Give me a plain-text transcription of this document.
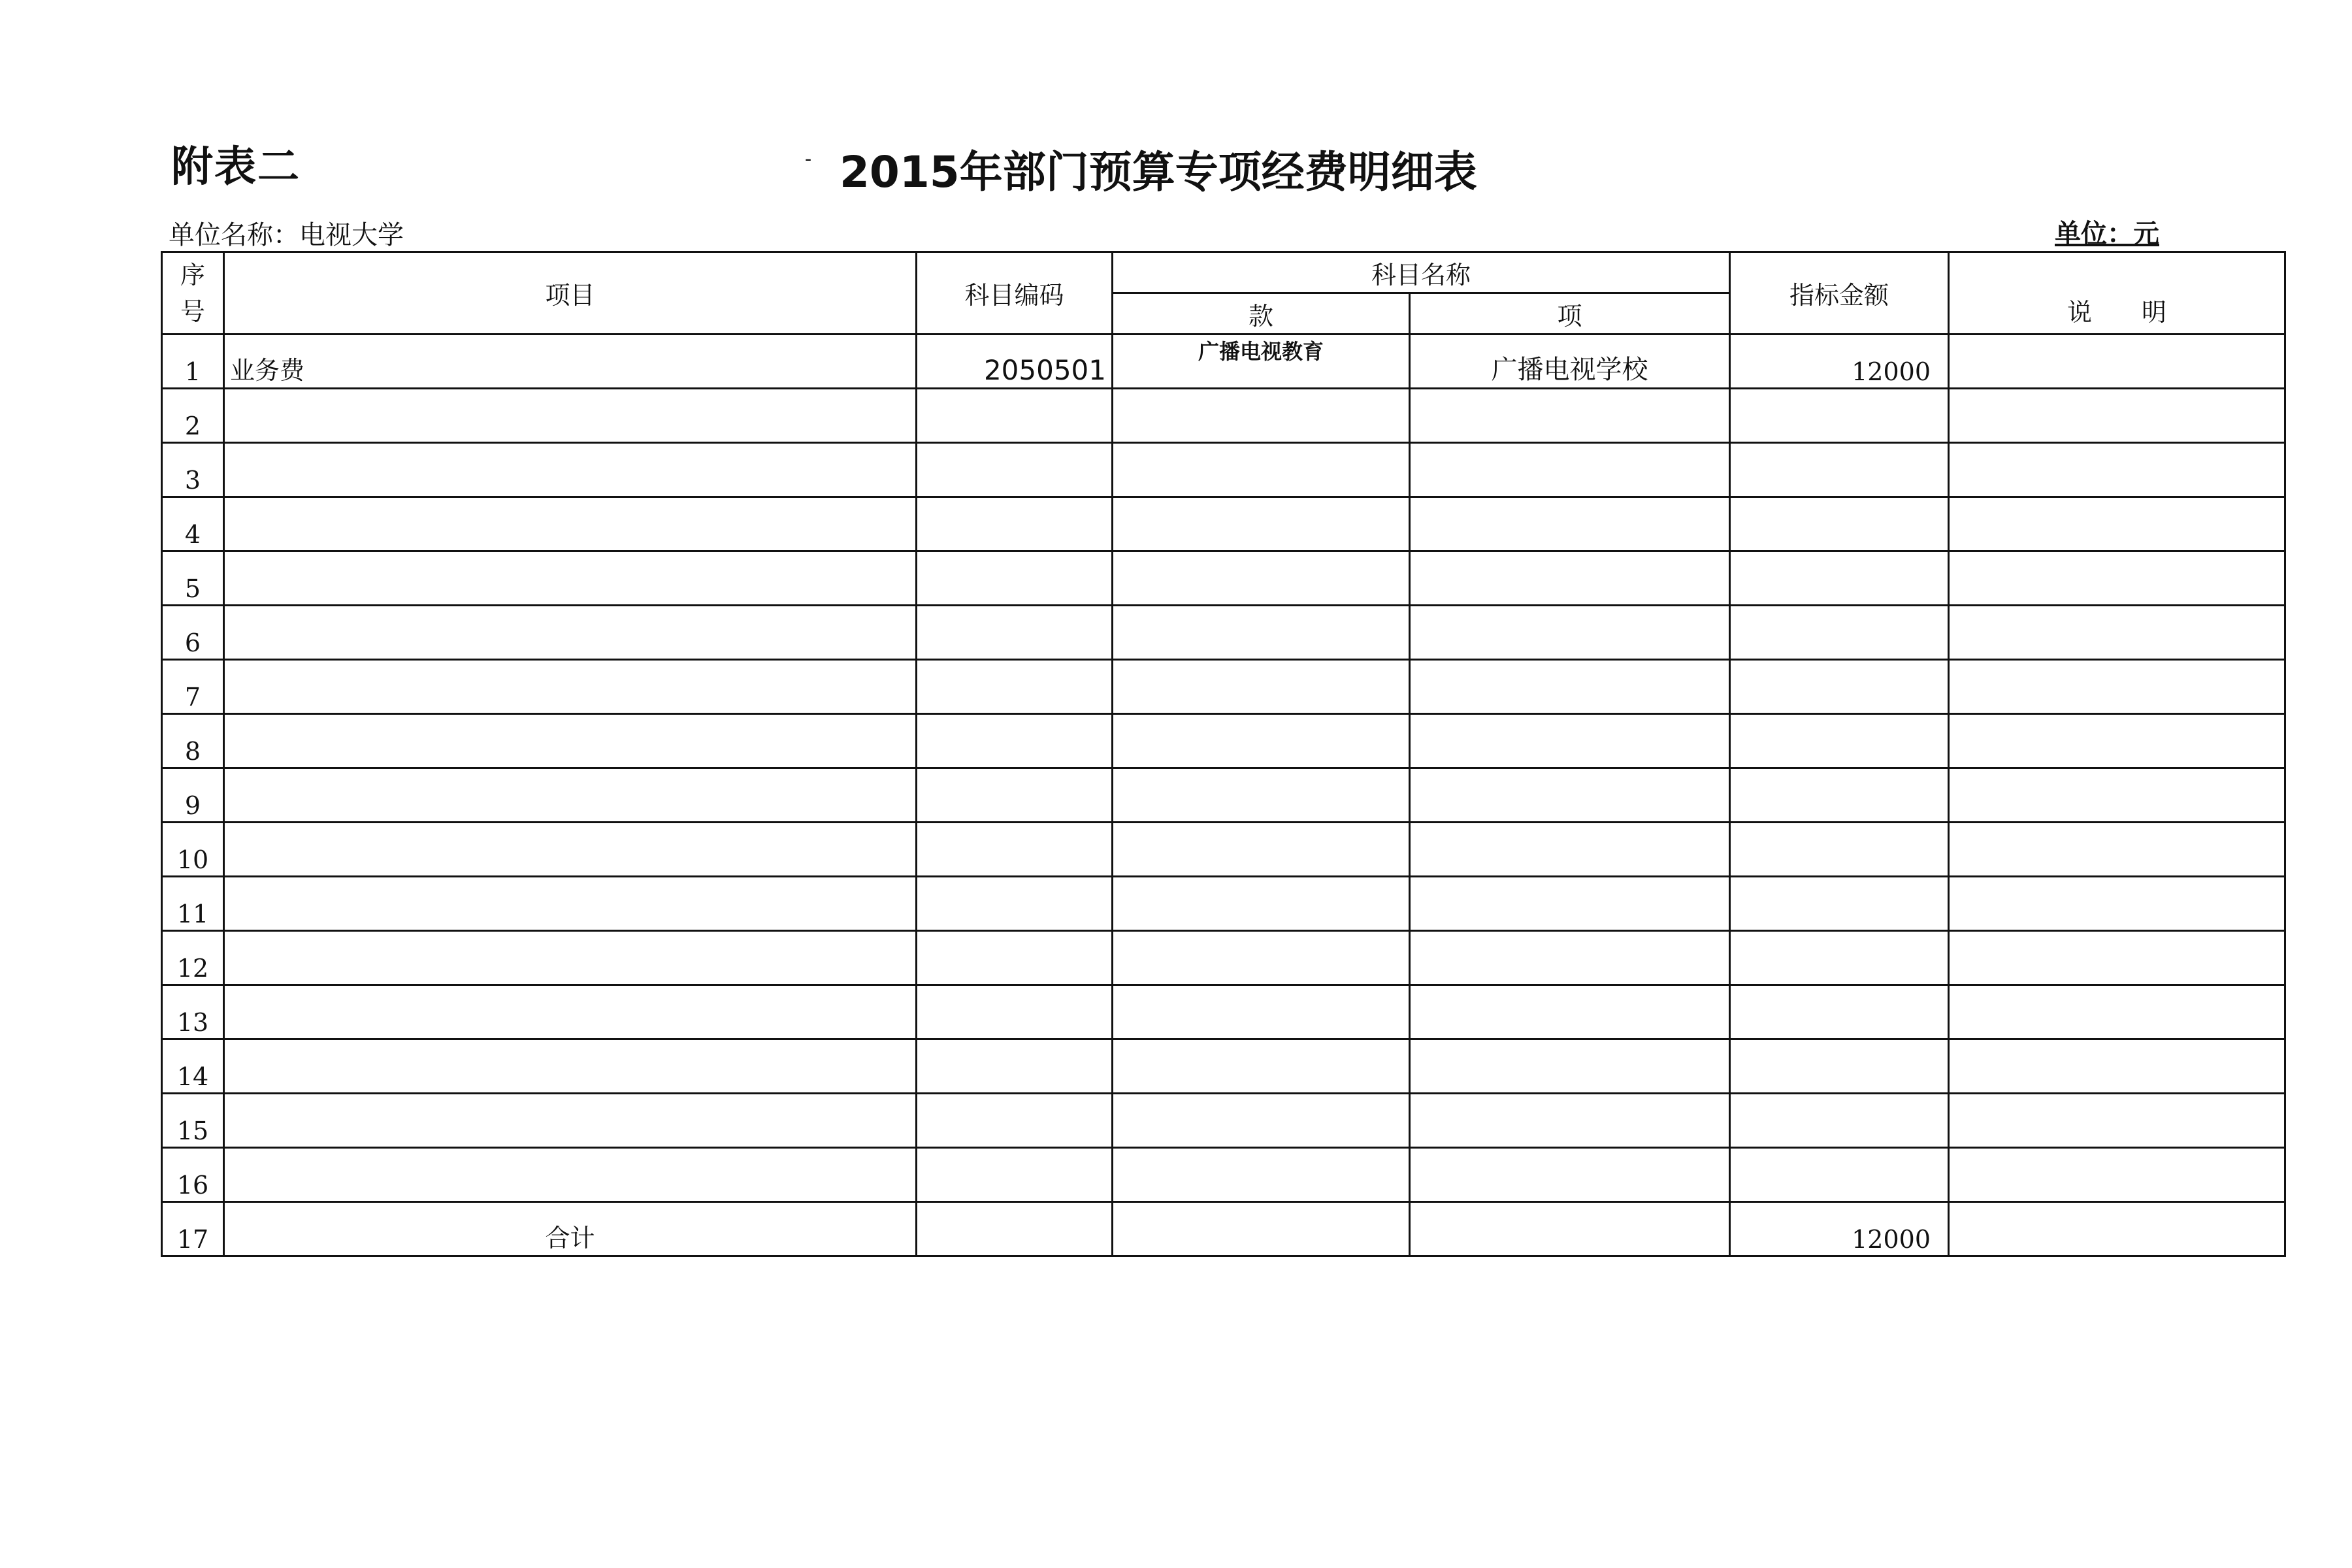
附表二	- 2015年部门预算专项经费明细表
单位名称：电视大学	单位：元
序
号	项目	科目编码	科目名称		指标金额	说　　明
			款	项		
1	业务费	2050501	广播电视教育	广播电视学校	12000	
2						
3						
4						
5						
6						
7						
8						
9						
10						
11						
12						
13						
14						
15						
16						
17	合计				12000	
